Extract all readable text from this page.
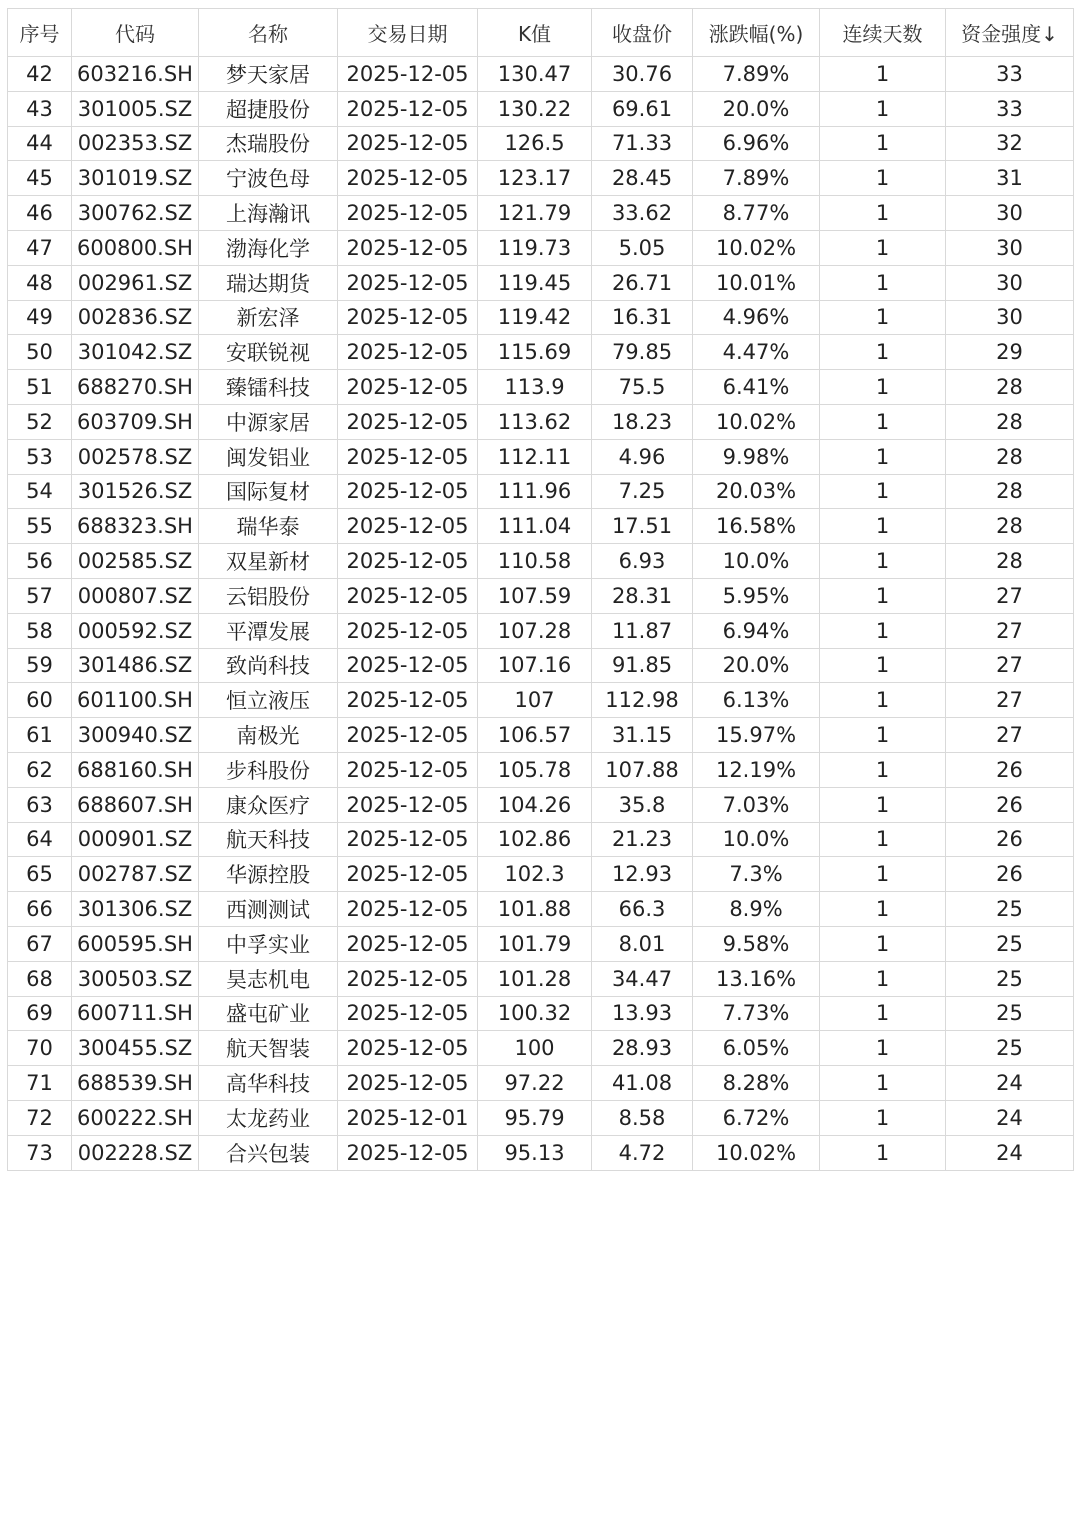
序号	代码	名称	交易日期	K值	收盘价	涨跌幅(%)	连续天数	资金强度↓
42	603216.SH	梦天家居	2025-12-05	130.47	30.76	7.89%	1	33
43	301005.SZ	超捷股份	2025-12-05	130.22	69.61	20.0%	1	33
44	002353.SZ	杰瑞股份	2025-12-05	126.5	71.33	6.96%	1	32
45	301019.SZ	宁波色母	2025-12-05	123.17	28.45	7.89%	1	31
46	300762.SZ	上海瀚讯	2025-12-05	121.79	33.62	8.77%	1	30
47	600800.SH	渤海化学	2025-12-05	119.73	5.05	10.02%	1	30
48	002961.SZ	瑞达期货	2025-12-05	119.45	26.71	10.01%	1	30
49	002836.SZ	新宏泽	2025-12-05	119.42	16.31	4.96%	1	30
50	301042.SZ	安联锐视	2025-12-05	115.69	79.85	4.47%	1	29
51	688270.SH	臻镭科技	2025-12-05	113.9	75.5	6.41%	1	28
52	603709.SH	中源家居	2025-12-05	113.62	18.23	10.02%	1	28
53	002578.SZ	闽发铝业	2025-12-05	112.11	4.96	9.98%	1	28
54	301526.SZ	国际复材	2025-12-05	111.96	7.25	20.03%	1	28
55	688323.SH	瑞华泰	2025-12-05	111.04	17.51	16.58%	1	28
56	002585.SZ	双星新材	2025-12-05	110.58	6.93	10.0%	1	28
57	000807.SZ	云铝股份	2025-12-05	107.59	28.31	5.95%	1	27
58	000592.SZ	平潭发展	2025-12-05	107.28	11.87	6.94%	1	27
59	301486.SZ	致尚科技	2025-12-05	107.16	91.85	20.0%	1	27
60	601100.SH	恒立液压	2025-12-05	107	112.98	6.13%	1	27
61	300940.SZ	南极光	2025-12-05	106.57	31.15	15.97%	1	27
62	688160.SH	步科股份	2025-12-05	105.78	107.88	12.19%	1	26
63	688607.SH	康众医疗	2025-12-05	104.26	35.8	7.03%	1	26
64	000901.SZ	航天科技	2025-12-05	102.86	21.23	10.0%	1	26
65	002787.SZ	华源控股	2025-12-05	102.3	12.93	7.3%	1	26
66	301306.SZ	西测测试	2025-12-05	101.88	66.3	8.9%	1	25
67	600595.SH	中孚实业	2025-12-05	101.79	8.01	9.58%	1	25
68	300503.SZ	昊志机电	2025-12-05	101.28	34.47	13.16%	1	25
69	600711.SH	盛屯矿业	2025-12-05	100.32	13.93	7.73%	1	25
70	300455.SZ	航天智装	2025-12-05	100	28.93	6.05%	1	25
71	688539.SH	高华科技	2025-12-05	97.22	41.08	8.28%	1	24
72	600222.SH	太龙药业	2025-12-01	95.79	8.58	6.72%	1	24
73	002228.SZ	合兴包装	2025-12-05	95.13	4.72	10.02%	1	24
